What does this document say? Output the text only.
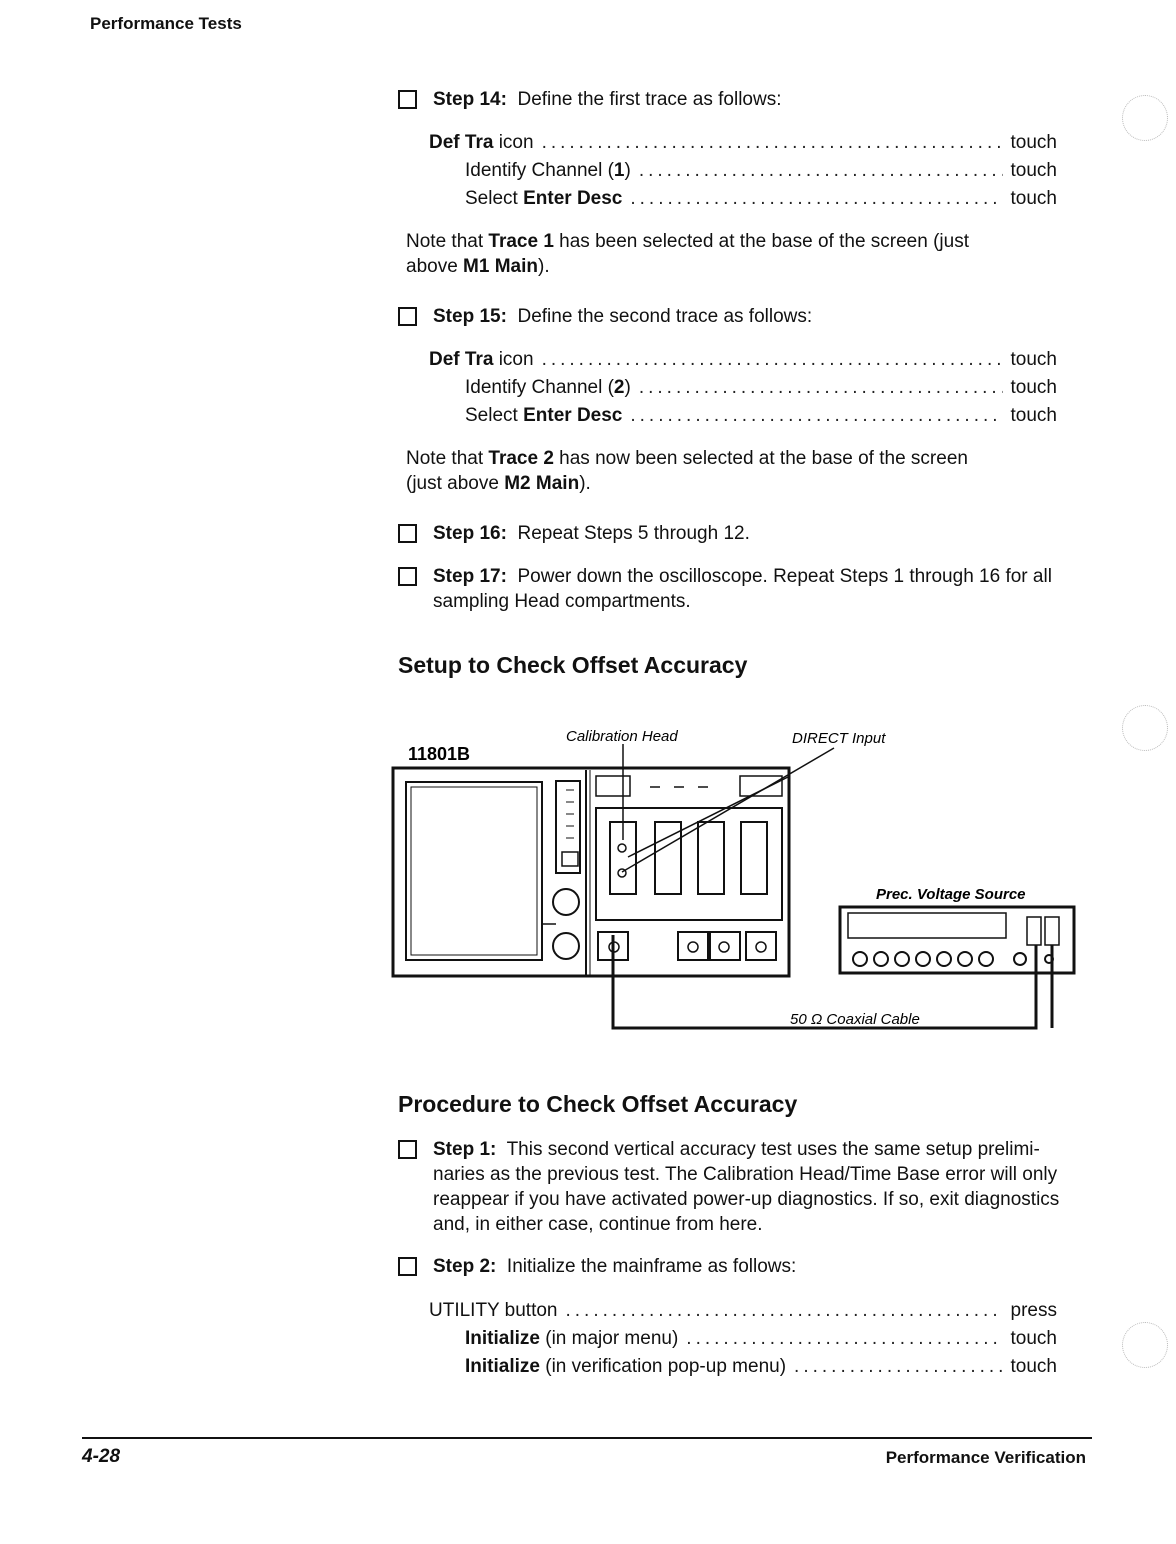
Performance Tests
Step 14: Define the first trace as follows:
Def Tra icon .....	touch
Identify Channel (1) .....	touch
Select Enter Desc .....	touch
Note that Trace 1 has been selected at the base of the screen (just above M1 Main).
Step 15: Define the second trace as follows:
Def Tra icon .....	touch
Identify Channel (2) .....	touch
Select Enter Desc .....	touch
Note that Trace 2 has now been selected at the base of the screen (just above M2 Main).
Step 16: Repeat Steps 5 through 12.
Step 17: Power down the oscilloscope. Repeat Steps 1 through 16 for all sampling Head compartments.
Setup to Check Offset Accuracy
11801B
Calibration Head	DIRECT Input
Prec. Voltage Source
50 Ω Coaxial Cable
Procedure to Check Offset Accuracy
Step 1: This second vertical accuracy test uses the same setup prelimi-naries as the previous test. The Calibration Head/Time Base error will only reappear if you have activated power-up diagnostics. If so, exit diagnostics and, in either case, continue from here.
Step 2: Initialize the mainframe as follows:
UTILITY button .....	press
Initialize (in major menu) .....	touch
Initialize (in verification pop-up menu) .....	touch
4-28	Performance Verification
